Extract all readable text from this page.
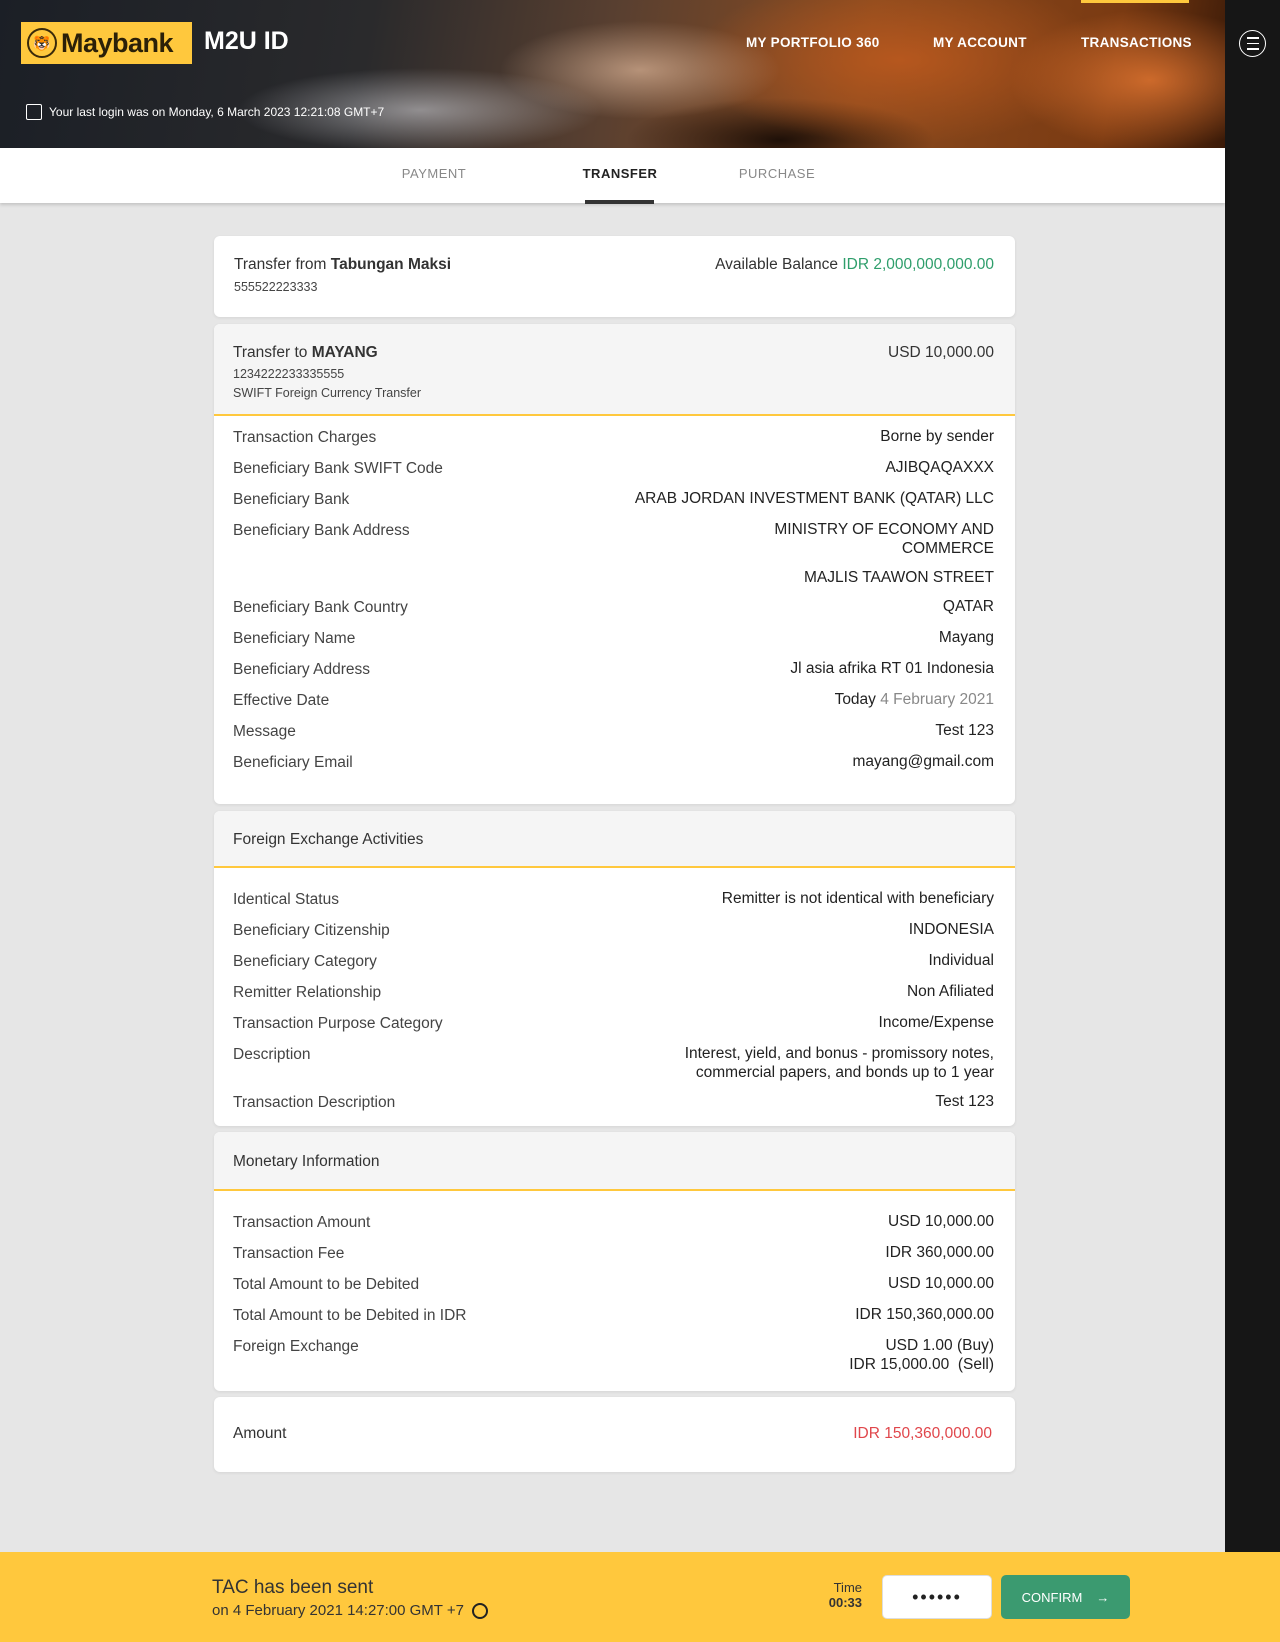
🐯 Maybank M2U ID	MY PORTFOLIO 360	MY ACCOUNT	TRANSACTIONS
Your last login was on Monday, 6 March 2023 12:21:08 GMT+7
PAYMENT	TRANSFER	PURCHASE
Transfer from Tabungan Maksi	Available Balance IDR 2,000,000,000.00
555522223333
Transfer to MAYANG	USD 10,000.00
1234222233335555
SWIFT Foreign Currency Transfer
Transaction Charges	Borne by sender
Beneficiary Bank SWIFT Code	AJIBQAQAXXX
Beneficiary Bank	ARAB JORDAN INVESTMENT BANK (QATAR) LLC
Beneficiary Bank Address	MINISTRY OF ECONOMY AND COMMERCE
MAJLIS TAAWON STREET
Beneficiary Bank Country	QATAR
Beneficiary Name	Mayang
Beneficiary Address	Jl asia afrika RT 01 Indonesia
Effective Date	Today 4 February 2021
Message	Test 123
Beneficiary Email	mayang@gmail.com
Foreign Exchange Activities
Identical Status	Remitter is not identical with beneficiary
Beneficiary Citizenship	INDONESIA
Beneficiary Category	Individual
Remitter Relationship	Non Afiliated
Transaction Purpose Category	Income/Expense
Description	Interest, yield, and bonus - promissory notes, commercial papers, and bonds up to 1 year
Transaction Description	Test 123
Monetary Information
Transaction Amount	USD 10,000.00
Transaction Fee	IDR 360,000.00
Total Amount to be Debited	USD 10,000.00
Total Amount to be Debited in IDR	IDR 150,360,000.00
Foreign Exchange	USD 1.00 (Buy)
IDR 15,000.00  (Sell)
Amount	IDR 150,360,000.00
TAC has been sent
on 4 February 2021 14:27:00 GMT +7
Time
00:33	••••••	CONFIRM →
